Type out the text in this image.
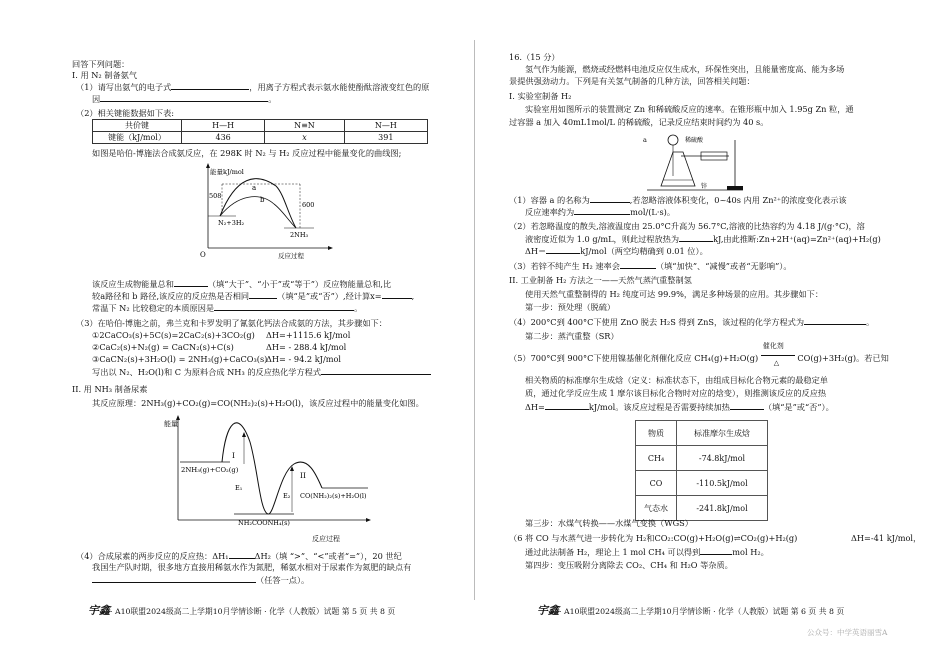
回答下列问题：
I. 用 N₂ 制备氨气
（1）请写出氨气的电子式	，用离子方程式表示氨水能使酚酞溶液变红色的原
因	。
（2）相关键能数据如下表:
共价键	H—H	N≡N	N—H
键能（kJ/mol）	436	x	391
如图是哈伯-博施法合成氨反应，在 298K 时 N₂ 与 H₂ 反应过程中能量变化的曲线图;
能量kJ/mol
508
600
a
b
N₂+3H₂
2NH₃
O	反应过程
该反应生成物能量总和	（填“大于”、“小于”或“等于”）反应物能量总和,比
较a路径和 b 路径,该反应的反应热是否相同	（填“是”或“否”）,经计算x=	,
常温下 N₂ 比较稳定的本质原因是	。
（3）在哈伯-博施之前，弗兰克和卡罗发明了氰氨化钙法合成氨的方法，其步骤如下：
①2CaCO₃(s)+5C(s)=2CaC₂(s)+3CO₂(g) ΔH=+1115.6 kJ/mol
②CaC₂(s)+N₂(g) = CaCN₂(s)+C(s)	ΔH= - 288.4 kJ/mol
③CaCN₂(s)+3H₂O(l) = 2NH₃(g)+CaCO₃(s)
ΔH= - 94.2 kJ/mol
写出以 N₂、H₂O(l)和 C 为原料合成 NH₃ 的反应热化学方程式
II. 用 NH₃ 制备尿素
其反应原理：2NH₃(g)+CO₂(g)=CO(NH₂)₂(s)+H₂O(l)，该反应过程中的能量变化如图。
能量
I
II
E₁
E₂
2NH₃(g)+CO₂(g)
NH₂COONH₄(s)
CO(NH₂)₂(s)+H₂O(l)
反应过程
（4）合成尿素的两步反应的反应热：ΔH₁	ΔH₂（填 “>”、“<”或者“=”），20 世纪
我国生产队时期，很多地方直接用稀氨水作为氮肥，稀氨水相对于尿素作为氮肥的缺点有
（任答一点）。
宇鑫· A10联盟2024级高二上学期10月学情诊断 · 化学（人教版）试题 第 5 页 共 8 页
16.（15 分）
氢气作为能源，燃烧或经燃料电池反应仅生成水，环保性突出，且能量密度高、能为多场
景提供强劲动力。下列是有关氢气制备的几种方法，回答相关问题：
I. 实验室制备 H₂
实验室用如图所示的装置测定 Zn 和稀硫酸反应的速率。在锥形瓶中加入 1.95g Zn 粒，通
过容器 a 加入 40mL1mol/L 的稀硫酸，记录反应结束时间约为 40 s。
a	稀硫酸
锌
（1）容器 a 的名称为	,若忽略溶液体积变化，0~40s 内用 Zn²⁺的浓度变化表示该
反应速率约为	mol/(L·s)。
（2）若忽略温度的散失,溶液温度由 25.0°C升高为 56.7°C,溶液的比热容约为 4.18 J/(g·°C)，溶
液密度近似为 1.0 g/mL，则此过程放热为	kJ,由此推断:Zn+2H⁺(aq)=Zn²⁺(aq)+H₂(g)
ΔH＝	kJ/mol（两空均精确到 0.01 位）。
（3）若锌不纯产生 H₂ 速率会	（填“加快”、“减慢”或者“无影响”）。
II. 工业制备 H₂ 方法之一——天然气蒸汽重整制氢
使用天然气重整制得的 H₂ 纯度可达 99.9%，满足多种场景的应用。其步骤如下：
第一步：预处理（脱硫）
（4）200°C到 400°C下使用 ZnO 脱去 H₂S 得到 ZnS，该过程的化学方程式为	。
第二步：蒸汽重整（SR）
（5）700°C到 900°C下使用镍基催化剂催化反应 CH₄(g)+H₂O(g)
催化剂
△ CO(g)+3H₂(g)。若已知
相关物质的标准摩尔生成焓（定义：标准状态下，由组成目标化合物元素的最稳定单
质，通过化学反应生成 1 摩尔该目标化合物时对应的焓变），则推测该反应的反应热
ΔH=	kJ/mol。该反应过程是否需要持续加热	（填“是”或“否”）。
物质	标准摩尔生成焓
CH₄	-74.8kJ/mol
CO	-110.5kJ/mol
气态水	-241.8kJ/mol
第三步：水煤气转换——水煤气变换（WGS）
（6 将 CO 与水蒸气进一步转化为 H₂和CO₂:CO(g)+H₂O(g)⇌CO₂(g)+H₂(g)	ΔH=-41 kJ/mol，
通过此法制备 H₂，理论上 1 mol CH₄ 可以得到	mol H₂。
第四步：变压吸附分离除去 CO₂、CH₄ 和 H₂O 等杂质。
宇鑫· A10联盟2024级高二上学期10月学情诊断 · 化学（人教版）试题 第 6 页 共 8 页
公众号：中学英语丽雪A
